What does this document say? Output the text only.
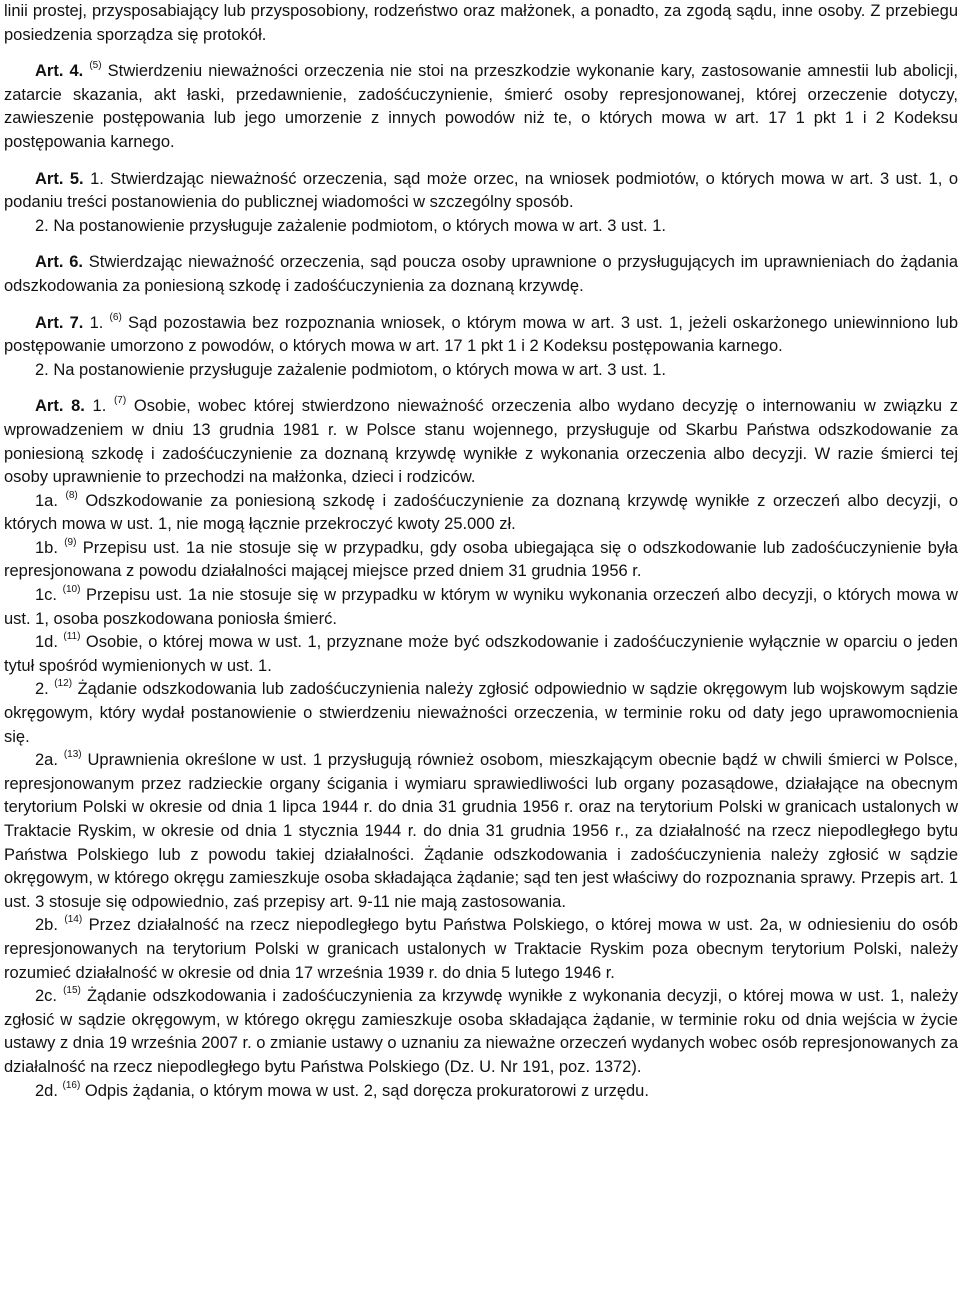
linii prostej, przysposabiający lub przysposobiony, rodzeństwo oraz małżonek, a ponadto, za zgodą sądu, inne osoby. Z przebiegu posiedzenia sporządza się protokół.

Art. 4. $^{(5)}$ Stwierdzeniu nieważności orzeczenia nie stoi na przeszkodzie wykonanie kary, zastosowanie amnestii lub abolicji, zatarcie skazania, akt łaski, przedawnienie, zadośćuczynienie, śmierć osoby represjonowanej, której orzeczenie dotyczy, zawieszenie postępowania lub jego umorzenie z innych powodów niż te, o których mowa w art. 17 1 pkt 1 i 2 Kodeksu postępowania karnego.

Art. 5. 1. Stwierdzając nieważność orzeczenia, sąd może orzec, na wniosek podmiotów, o których mowa w art. 3 ust. 1, o podaniu treści postanowienia do publicznej wiadomości w szczególny sposób.

2. Na postanowienie przysługuje zażalenie podmiotom, o których mowa w art. 3 ust. 1.

Art. 6. Stwierdzając nieważność orzeczenia, sąd poucza osoby uprawnione o przysługujących im uprawnieniach do żądania odszkodowania za poniesioną szkodę i zadośćuczynienia za doznaną krzywdę.

Art. 7. 1. $^{(6)}$ Sąd pozostawia bez rozpoznania wniosek, o którym mowa w art. 3 ust. 1, jeżeli oskarżonego uniewinniono lub postępowanie umorzono z powodów, o których mowa w art. 17 1 pkt 1 i 2 Kodeksu postępowania karnego.

2. Na postanowienie przysługuje zażalenie podmiotom, o których mowa w art. 3 ust. 1.

Art. 8. 1. $^{(7)}$ Osobie, wobec której stwierdzono nieważność orzeczenia albo wydano decyzję o internowaniu w związku z wprowadzeniem w dniu 13 grudnia 1981 r. w Polsce stanu wojennego, przysługuje od Skarbu Państwa odszkodowanie za poniesioną szkodę i zadośćuczynienie za doznaną krzywdę wynikłe z wykonania orzeczenia albo decyzji. W razie śmierci tej osoby uprawnienie to przechodzi na małżonka, dzieci i rodziców.

1a. $^{(8)}$ Odszkodowanie za poniesioną szkodę i zadośćuczynienie za doznaną krzywdę wynikłe z orzeczeń albo decyzji, o których mowa w ust. 1, nie mogą łącznie przekroczyć kwoty 25.000 zł.

1b. $^{(9)}$ Przepisu ust. 1a nie stosuje się w przypadku, gdy osoba ubiegająca się o odszkodowanie lub zadośćuczynienie była represjonowana z powodu działalności mającej miejsce przed dniem 31 grudnia 1956 r.

1c. $^{(10)}$ Przepisu ust. 1a nie stosuje się w przypadku w którym w wyniku wykonania orzeczeń albo decyzji, o których mowa w ust. 1, osoba poszkodowana poniosła śmierć.

1d. $^{(11)}$ Osobie, o której mowa w ust. 1, przyznane może być odszkodowanie i zadośćuczynienie wyłącznie w oparciu o jeden tytuł spośród wymienionych w ust. 1.

2. $^{(12)}$ Żądanie odszkodowania lub zadośćuczynienia należy zgłosić odpowiednio w sądzie okręgowym lub wojskowym sądzie okręgowym, który wydał postanowienie o stwierdzeniu nieważności orzeczenia, w terminie roku od daty jego uprawomocnienia się.

2a. $^{(13)}$ Uprawnienia określone w ust. 1 przysługują również osobom, mieszkającym obecnie bądź w chwili śmierci w Polsce, represjonowanym przez radzieckie organy ścigania i wymiaru sprawiedliwości lub organy pozasądowe, działające na obecnym terytorium Polski w okresie od dnia 1 lipca 1944 r. do dnia 31 grudnia 1956 r. oraz na terytorium Polski w granicach ustalonych w Traktacie Ryskim, w okresie od dnia 1 stycznia 1944 r. do dnia 31 grudnia 1956 r., za działalność na rzecz niepodległego bytu Państwa Polskiego lub z powodu takiej działalności. Żądanie odszkodowania i zadośćuczynienia należy zgłosić w sądzie okręgowym, w którego okręgu zamieszkuje osoba składająca żądanie; sąd ten jest właściwy do rozpoznania sprawy. Przepis art. 1 ust. 3 stosuje się odpowiednio, zaś przepisy art. 9-11 nie mają zastosowania.

2b. $^{(14)}$ Przez działalność na rzecz niepodległego bytu Państwa Polskiego, o której mowa w ust. 2a, w odniesieniu do osób represjonowanych na terytorium Polski w granicach ustalonych w Traktacie Ryskim poza obecnym terytorium Polski, należy rozumieć działalność w okresie od dnia 17 września 1939 r. do dnia 5 lutego 1946 r.

2c. $^{(15)}$ Żądanie odszkodowania i zadośćuczynienia za krzywdę wynikłe z wykonania decyzji, o której mowa w ust. 1, należy zgłosić w sądzie okręgowym, w którego okręgu zamieszkuje osoba składająca żądanie, w terminie roku od dnia wejścia w życie ustawy z dnia 19 września 2007 r. o zmianie ustawy o uznaniu za nieważne orzeczeń wydanych wobec osób represjonowanych za działalność na rzecz niepodległego bytu Państwa Polskiego (Dz. U. Nr 191, poz. 1372).

2d. $^{(16)}$ Odpis żądania, o którym mowa w ust. 2, sąd doręcza prokuratorowi z urzędu.
